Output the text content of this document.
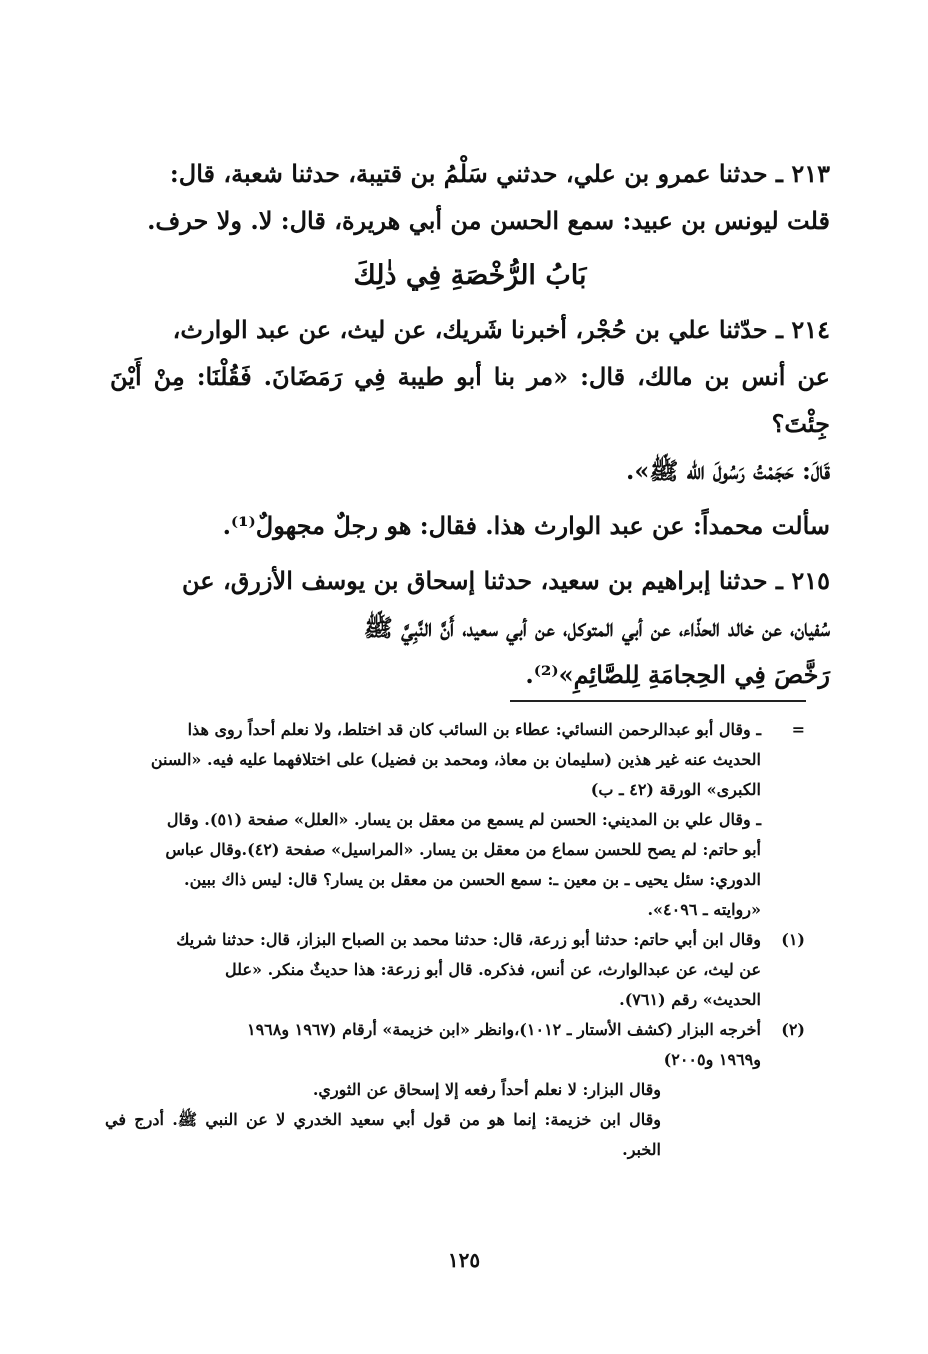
٢١٣ ـ حدثنا عمرو بن علي، حدثني سَلْمُ بن قتيبة، حدثنا شعبة، قال:
قلت ليونس بن عبيد: سمع الحسن من أبي هريرة، قال: لا. ولا حرف.

بَابُ الرُّخْصَةِ فِي ذٰلِكَ

٢١٤ ـ حدّثنا علي بن حُجْر، أخبرنا شَريك، عن ليث، عن عبد الوارث،
عن أنس بن مالك، قال: «مر بنا أبو طيبة فِي رَمَضَانَ. فَقُلْنَا: مِنْ أَيْنَ جِئْتَ؟
قَالَ: حَجَمْتُ رَسُولَ الله ﷺ».

سألت محمداً: عن عبد الوارث هذا. فقال: هو رجلٌ مجهولٌ⁽¹⁾.

٢١٥ ـ حدثنا إبراهيم بن سعيد، حدثنا إسحاق بن يوسف الأزرق، عن
سُفيان، عن خالد الحذّاء، عن أبي المتوكل، عن أبي سعيد، أَنَّ النَّبِيَّ ﷺ
رَخَّصَ فِي الحِجامَةِ لِلصَّائِمِ»⁽²⁾.

=

ـ وقال أبو عبدالرحمن النسائي: عطاء بن السائب كان قد اختلط، ولا نعلم أحداً روى هذا

الحديث عنه غير هذين (سليمان بن معاذ، ومحمد بن فضيل) على اختلافهما عليه فيه. «السنن

الكبرى» الورقة (٤٢ ـ ب)

ـ وقال علي بن المديني: الحسن لم يسمع من معقل بن يسار. «العلل» صفحة (٥١). وقال

أبو حاتم: لم يصح للحسن سماع من معقل بن يسار. «المراسيل» صفحة (٤٢).وقال عباس

الدوري: سئل يحيى ـ بن معين ـ: سمع الحسن من معقل بن يسار؟ قال: ليس ذاك ببين.

«روايته ـ ٤٠٩٦».

(١)

وقال ابن أبي حاتم: حدثنا أبو زرعة، قال: حدثنا محمد بن الصباح البزاز، قال: حدثنا شريك

عن ليث، عن عبدالوارث، عن أنس، فذكره. قال أبو زرعة: هذا حديثٌ منكر. «علل

الحديث» رقم (٧٦١).

(٢)

أخرجه البزار (كشف الأستار ـ ١٠١٢)،وانظر «ابن خزيمة» أرقام (١٩٦٧ و١٩٦٨

و١٩٦٩ و٢٠٠٥)

وقال البزار: لا نعلم أحداً رفعه إلا إسحاق عن الثوري.

وقال ابن خزيمة: إنما هو من قول أبي سعيد الخدري لا عن النبي ﷺ. أدرج في الخبر.

١٢٥
